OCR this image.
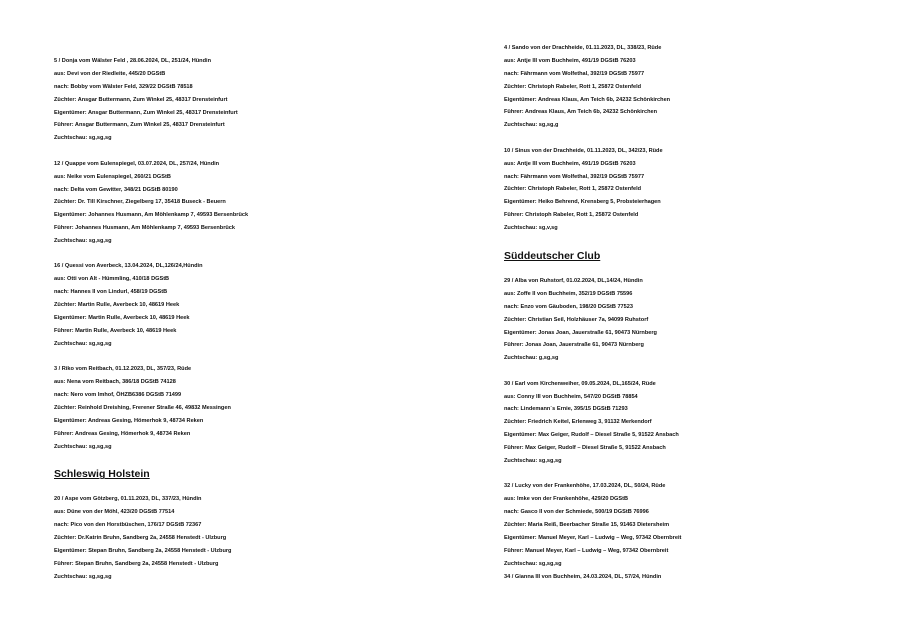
5 / Donja vom Wälster Feld , 28.06.2024, DL, 251/24, Hündin
aus: Devi von der Riedleite, 445/20 DGStB
nach: Bobby vom Wälster Feld, 329/22 DGStB 78518
Züchter: Ansgar Buttermann, Zum Winkel 25, 48317 Drensteinfurt
Eigentümer: Ansgar Buttermann, Zum Winkel 25, 48317 Drensteinfurt
Führer: Ansgar Buttermann, Zum Winkel 25, 48317 Drensteinfurt
Zuchtschau: sg,sg,sg
12 / Quappe vom Eulenspiegel, 03.07.2024, DL, 257/24, Hündin
aus: Neike vom Eulenspiegel, 260/21 DGStB
nach: Delta vom Gewitter, 348/21 DGStB 80190
Züchter: Dr. Till Kirschner, Ziegelberg 17, 35418 Buseck - Beuern
Eigentümer: Johannes Husmann, Am Möhlenkamp 7, 49593 Bersenbrück
Führer: Johannes Husmann, Am Möhlenkamp 7, 49593 Bersenbrück
Zuchtschau: sg,sg,sg
16 / Quessi von Averbeck, 13.04.2024, DL,126/24,Hündin
aus: Otti von Alt - Hümmling, 410/18 DGStB
nach: Hannes II von Lindurl, 458/19 DGStB
Züchter: Martin Rulle, Averbeck 10, 48619 Heek
Eigentümer: Martin Rulle, Averbeck 10, 48619 Heek
Führer: Martin Rulle, Averbeck 10, 48619 Heek
Zuchtschau: sg,sg,sg
3 / Riko vom Reitbach, 01.12.2023, DL, 357/23, Rüde
aus: Nena vom Reitbach, 386/18 DGStB 74128
nach: Nero vom Imhof, ÖHZB6386 DGStB 71499
Züchter: Reinhold Dreishing, Frerener Straße 46, 49832 Messingen
Eigentümer: Andreas Gesing, Hömerhok 9, 48734 Reken
Führer: Andreas Gesing, Hömerhok 9, 48734 Reken
Zuchtschau: sg,sg,sg
Schleswig Holstein
20 / Aspe vom Götzberg, 01.11.2023, DL, 337/23, Hündin
aus: Düne von der Möhl, 423/20 DGStB 77514
nach: Pico von den Horstbüschen, 176/17 DGStB 72367
Züchter: Dr.Katrin Bruhn, Sandberg 2a, 24558 Henstedt - Ulzburg
Eigentümer: Stepan Bruhn, Sandberg 2a, 24558 Henstedt - Ulzburg
Führer: Stepan Bruhn, Sandberg 2a, 24558 Henstedt - Ulzburg
Zuchtschau: sg,sg,sg
4 / Sando von der Drachheide, 01.11.2023, DL, 338/23, Rüde
aus: Antje III vom Buchheim, 491/19 DGStB 76203
nach: Fährmann vom Wolfethal, 392/19 DGStB 75977
Züchter: Christoph Rabeler, Rott 1, 25872 Ostenfeld
Eigentümer: Andreas Klaus, Am Teich 6b, 24232 Schönkirchen
Führer: Andreas Klaus, Am Teich 6b, 24232 Schönkirchen
Zuchtschau: sg,sg,g
10 / Sinus von der Drachheide, 01.11.2023, DL, 342/23, Rüde
aus: Antje III vom Buchheim, 491/19 DGStB 76203
nach: Fährmann vom Wolfethal, 392/19 DGStB 75977
Züchter: Christoph Rabeler, Rott 1, 25872 Ostenfeld
Eigentümer: Heiko Behrend, Krensberg 5, Probsteierhagen
Führer: Christoph Rabeler, Rott 1, 25872 Ostenfeld
Zuchtschau: sg,v,sg
Süddeutscher Club
29 / Alba von Ruhstorf, 01.02.2024, DL,14/24, Hündin
aus: Zoffe II von Buchheim, 352/19 DGStB 75596
nach: Enzo vom Gäuboden, 198/20 DGStB 77523
Züchter: Christian Seil, Holzhäuser 7a, 94099 Ruhstorf
Eigentümer: Jonas Joan, Jauerstraße 61, 90473 Nürnberg
Führer: Jonas Joan, Jauerstraße 61, 90473 Nürnberg
Zuchtschau: g,sg,sg
30 / Earl vom Kirchenweiher, 09.05.2024, DL,165/24, Rüde
aus: Conny III von Buchheim, 547/20 DGStB 78854
nach: Lindemann´s Ernie, 395/15 DGStB 71293
Züchter: Friedrich Keitel, Erlenweg 3, 91132 Merkendorf
Eigentümer: Max Geiger, Rudolf – Diesel Straße 5, 91522 Ansbach
Führer: Max Geiger, Rudolf – Diesel Straße 5, 91522 Ansbach
Zuchtschau: sg,sg,sg
32 / Lucky von der Frankenhöhe, 17.03.2024, DL, 50/24, Rüde
aus: Imke von der Frankenhöhe, 429/20 DGStB
nach: Gasco II von der Schmiede, 500/19 DGStB 76996
Züchter: Maria Reiß, Beerbacher Straße 15, 91463 Dietersheim
Eigentümer: Manuel Meyer, Karl – Ludwig – Weg, 97342 Obernbreit
Führer: Manuel Meyer, Karl – Ludwig – Weg, 97342 Obernbreit
Zuchtschau: sg,sg,sg
34 / Gianna III von Buchheim, 24.03.2024, DL, 57/24, Hündin
